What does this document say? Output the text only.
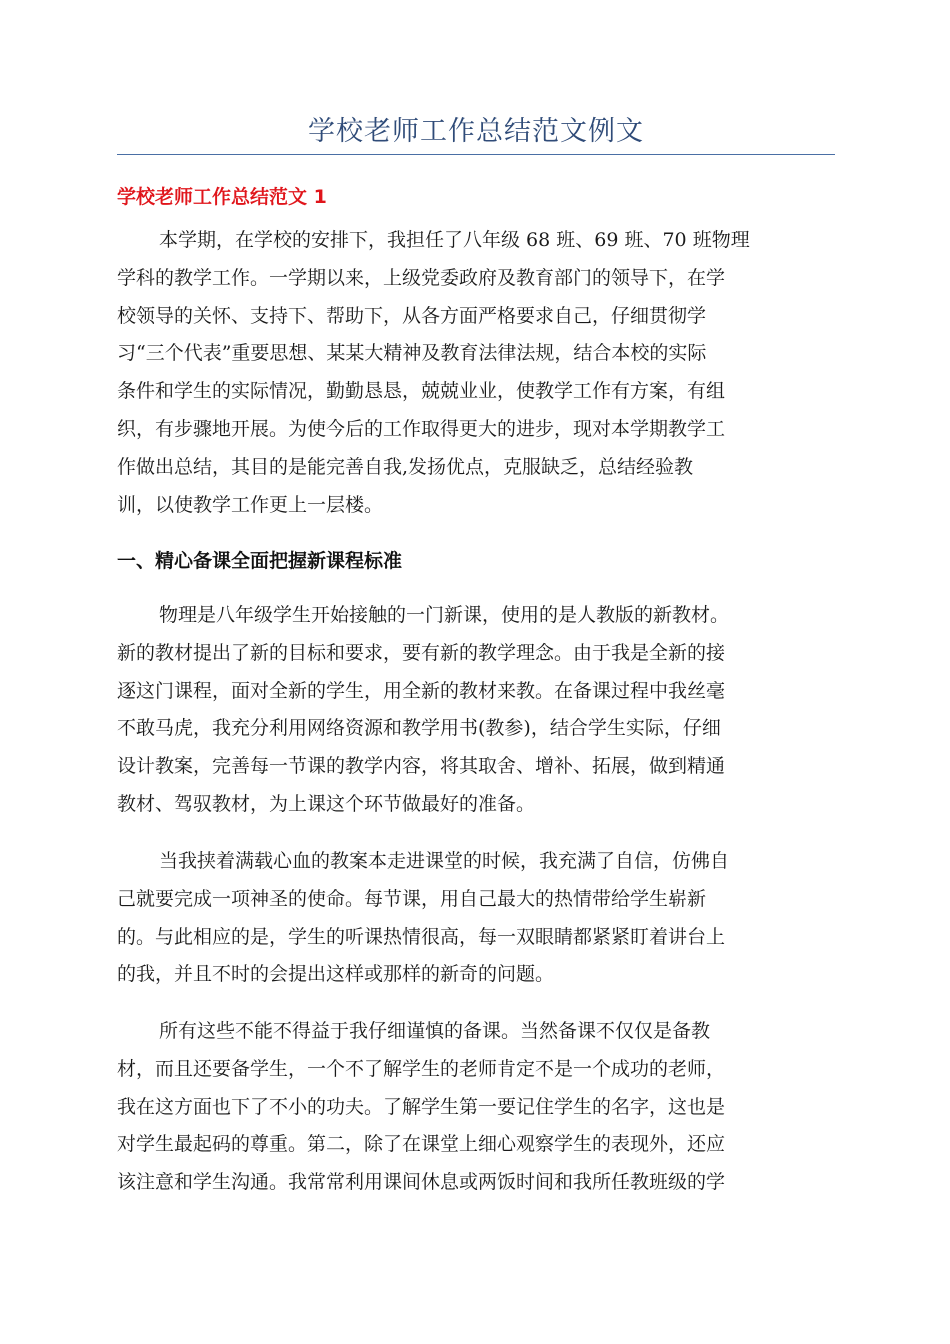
学校老师工作总结范文例文
学校老师工作总结范文 1

本学期，在学校的安排下，我担任了八年级 68 班、69 班、70 班物理
学科的教学工作。一学期以来，上级党委政府及教育部门的领导下，在学
校领导的关怀、支持下、帮助下，从各方面严格要求自己，仔细贯彻学
习“三个代表”重要思想、某某大精神及教育法律法规，结合本校的实际
条件和学生的实际情况，勤勤恳恳，兢兢业业，使教学工作有方案，有组
织，有步骤地开展。为使今后的工作取得更大的进步，现对本学期教学工
作做出总结，其目的是能完善自我,发扬优点，克服缺乏，总结经验教
训，以使教学工作更上一层楼。

一、精心备课全面把握新课程标准

物理是八年级学生开始接触的一门新课，使用的是人教版的新教材。
新的教材提出了新的目标和要求，要有新的教学理念。由于我是全新的接
逐这门课程，面对全新的学生，用全新的教材来教。在备课过程中我丝毫
不敢马虎，我充分利用网络资源和教学用书(教参)，结合学生实际，仔细
设计教案，完善每一节课的教学内容，将其取舍、增补、拓展，做到精通
教材、驾驭教材，为上课这个环节做最好的准备。

当我挟着满载心血的教案本走进课堂的时候，我充满了自信，仿佛自
己就要完成一项神圣的使命。每节课，用自己最大的热情带给学生崭新
的。与此相应的是，学生的听课热情很高，每一双眼睛都紧紧盯着讲台上
的我，并且不时的会提出这样或那样的新奇的问题。

所有这些不能不得益于我仔细谨慎的备课。当然备课不仅仅是备教
材，而且还要备学生，一个不了解学生的老师肯定不是一个成功的老师，
我在这方面也下了不小的功夫。了解学生第一要记住学生的名字，这也是
对学生最起码的尊重。第二，除了在课堂上细心观察学生的表现外，还应
该注意和学生沟通。我常常利用课间休息或两饭时间和我所任教班级的学
